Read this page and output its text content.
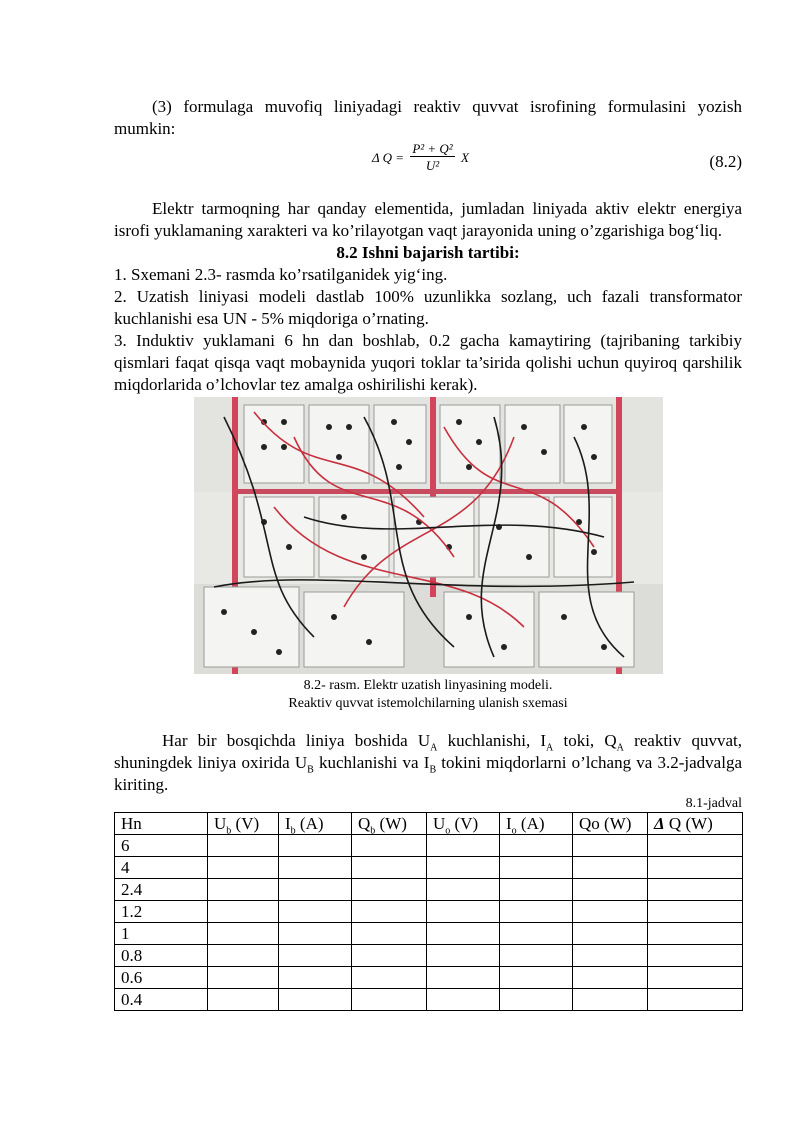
(3) formulaga muvofiq liniyadagi reaktiv quvvat isrofining formulasini yozish mumkin:

Δ $Q = \frac{\text{P² + Q²}}{\text{U²}}$ X	(8.2)

Elektr tarmoqning har qanday elementida, jumladan liniyada aktiv elektr energiya isrofi yuklamaning xarakteri va ko’rilayotgan vaqt jarayonida uning o’zgarishiga bog‘liq.

8.2 Ishni bajarish tartibi:

1. Sxemani 2.3- rasmda ko’rsatilganidek yig‘ing.

2. Uzatish liniyasi modeli dastlab 100% uzunlikka sozlang, uch fazali transformator kuchlanishi esa UN - 5% miqdoriga o’rnating.

3. Induktiv yuklamani 6 hn dan boshlab, 0.2 gacha kamaytiring (tajribaning tarkibiy qismlari faqat qisqa vaqt mobaynida yuqori toklar ta’sirida qolishi uchun quyiroq qarshilik miqdorlarida o’lchovlar tez amalga oshirilishi kerak).

8.2- rasm. Elektr uzatish linyasining modeli.
Reaktiv quvvat istemolchilarning ulanish sxemasi

Har bir bosqichda liniya boshida $U_A$ kuchlanishi, $I_A$ toki, $Q_A$ reaktiv quvvat, shuningdek liniya oxirida $U_B$ kuchlanishi va $I_B$ tokini miqdorlarni o’lchang va 3.2-jadvalga kiriting.

8.1-jadval
Hn	$U_b$ (V)	$I_b$ (A)	$Q_b$ (W)	$U_o$ (V)	$I_o$ (A)	Qo (W)	Δ Q (W)
6							
4							
2.4							
1.2							
1							
0.8							
0.6							
0.4							
